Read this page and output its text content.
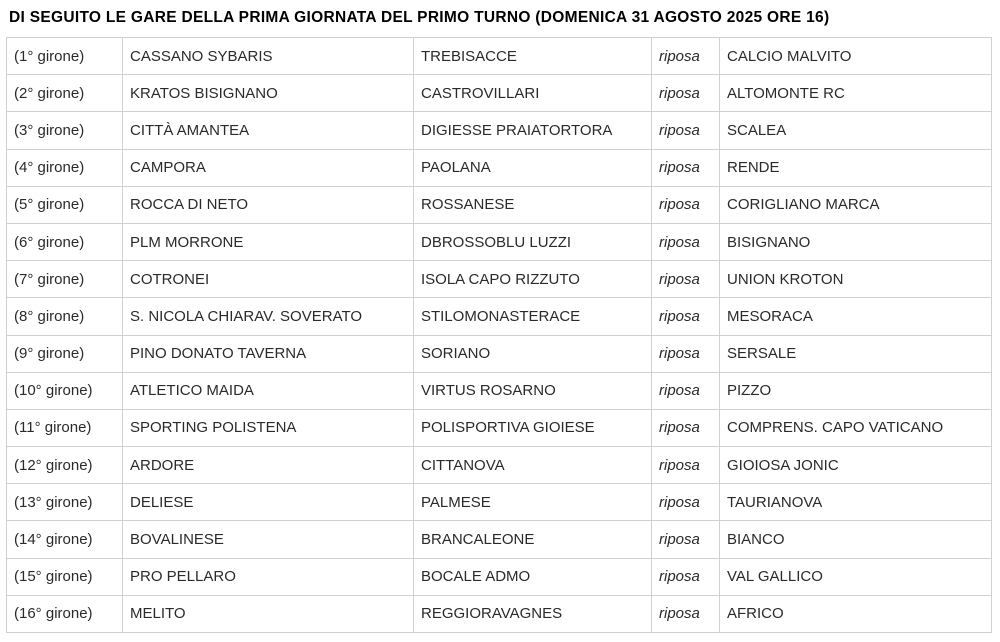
DI SEGUITO LE GARE DELLA PRIMA GIORNATA DEL PRIMO TURNO (DOMENICA 31 AGOSTO 2025 ORE 16)
(1° girone)	CASSANO SYBARIS	TREBISACCE	riposa	CALCIO MALVITO
(2° girone)	KRATOS BISIGNANO	CASTROVILLARI	riposa	ALTOMONTE RC
(3° girone)	CITTÀ AMANTEA	DIGIESSE PRAIATORTORA	riposa	SCALEA
(4° girone)	CAMPORA	PAOLANA	riposa	RENDE
(5° girone)	ROCCA DI NETO	ROSSANESE	riposa	CORIGLIANO MARCA
(6° girone)	PLM MORRONE	DBROSSOBLU LUZZI	riposa	BISIGNANO
(7° girone)	COTRONEI	ISOLA CAPO RIZZUTO	riposa	UNION KROTON
(8° girone)	S. NICOLA CHIARAV. SOVERATO	STILOMONASTERACE	riposa	MESORACA
(9° girone)	PINO DONATO TAVERNA	SORIANO	riposa	SERSALE
(10° girone)	ATLETICO MAIDA	VIRTUS ROSARNO	riposa	PIZZO
(11° girone)	SPORTING POLISTENA	POLISPORTIVA GIOIESE	riposa	COMPRENS. CAPO VATICANO
(12° girone)	ARDORE	CITTANOVA	riposa	GIOIOSA JONIC
(13° girone)	DELIESE	PALMESE	riposa	TAURIANOVA
(14° girone)	BOVALINESE	BRANCALEONE	riposa	BIANCO
(15° girone)	PRO PELLARO	BOCALE ADMO	riposa	VAL GALLICO
(16° girone)	MELITO	REGGIORAVAGNES	riposa	AFRICO
